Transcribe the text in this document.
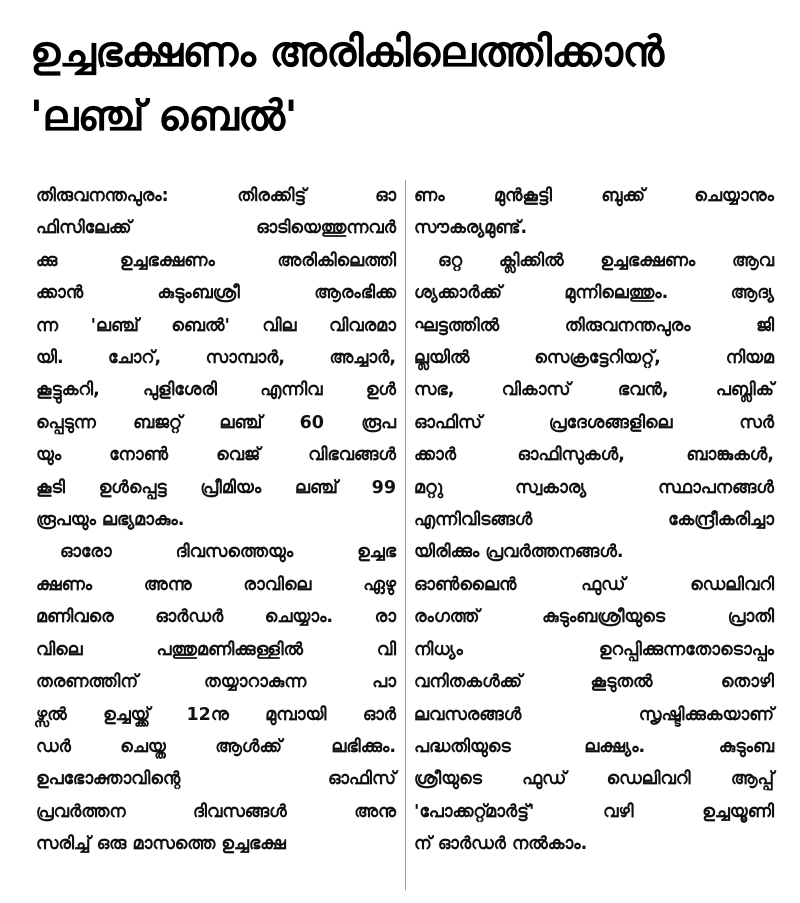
ഉച്ചഭക്ഷണം അരികിലെത്തിക്കാൻ
'ലഞ്ച് ബെൽ'

തിരുവനന്തപുരം: തിരക്കിട്ട് ഓ

ഫിസിലേക്ക് ഓടിയെത്തുന്നവർ

ക്കു ഉച്ചഭക്ഷണം അരികിലെത്തി

ക്കാൻ കുടുംബശ്രീ ആരംഭിക്ക

ന്ന 'ലഞ്ച് ബെൽ' വില വിവരമാ

യി. ചോറ്, സാമ്പാർ, അച്ചാർ,

കൂട്ടുകറി, പുളിശേരി എന്നിവ ഉൾ

പ്പെടുന്ന ബജറ്റ് ലഞ്ച് 60 രൂപ

യും നോൺ വെജ് വിഭവങ്ങൾ

കൂടി ഉൾപ്പെട്ട പ്രീമിയം ലഞ്ച് 99

രൂപയും ലഭ്യമാകും.

ഓരോ ദിവസത്തെയും ഉച്ചഭ

ക്ഷണം അന്നു രാവിലെ ഏഴു

മണിവരെ ഓർഡർ ചെയ്യാം. രാ

വിലെ പത്തുമണിക്കുള്ളിൽ വി

തരണത്തിന് തയ്യാറാകുന്ന പാ

ഴ്സൽ ഉച്ചയ്ക്ക് 12നു മുമ്പായി ഓർ

ഡർ ചെയ്ത ആൾക്ക് ലഭിക്കും.

ഉപഭോക്താവിന്റെ ഓഫിസ്

പ്രവർത്തന ദിവസങ്ങൾ അനു

സരിച്ച് ഒരു മാസത്തെ ഉച്ചഭക്ഷ

ണം മുൻകൂട്ടി ബുക്ക് ചെയ്യാനും

സൗകര്യമുണ്ട്.

ഒറ്റ ക്ലിക്കിൽ ഉച്ചഭക്ഷണം ആവ

ശ്യക്കാർക്ക് മുന്നിലെത്തും. ആദ്യ

ഘട്ടത്തിൽ തിരുവനന്തപുരം ജി

ല്ലയിൽ സെക്രട്ടേറിയറ്റ്, നിയമ

സഭ, വികാസ് ഭവൻ, പബ്ലിക്

ഓഫിസ് പ്രദേശങ്ങളിലെ സർ

ക്കാർ ഓഫിസുകൾ, ബാങ്കുകൾ,

മറ്റു സ്വകാര്യ സ്ഥാപനങ്ങൾ

എന്നിവിടങ്ങൾ കേന്ദ്രീകരിച്ചാ

യിരിക്കും പ്രവർത്തനങ്ങൾ.

ഓൺലൈൻ ഫുഡ് ഡെലിവറി

രംഗത്ത് കുടുംബശ്രീയുടെ പ്രാതി

നിധ്യം ഉറപ്പിക്കുന്നതോടൊപ്പം

വനിതകൾക്ക് കൂടുതൽ തൊഴി

ലവസരങ്ങൾ സൃഷ്ടിക്കുകയാണ്

പദ്ധതിയുടെ ലക്ഷ്യം. കുടുംബ

ശ്രീയുടെ ഫുഡ് ഡെലിവറി ആപ്പ്

'പോക്കറ്റ്മാർട്ട്' വഴി ഉച്ചയൂണി

ന് ഓർഡർ നൽകാം.
